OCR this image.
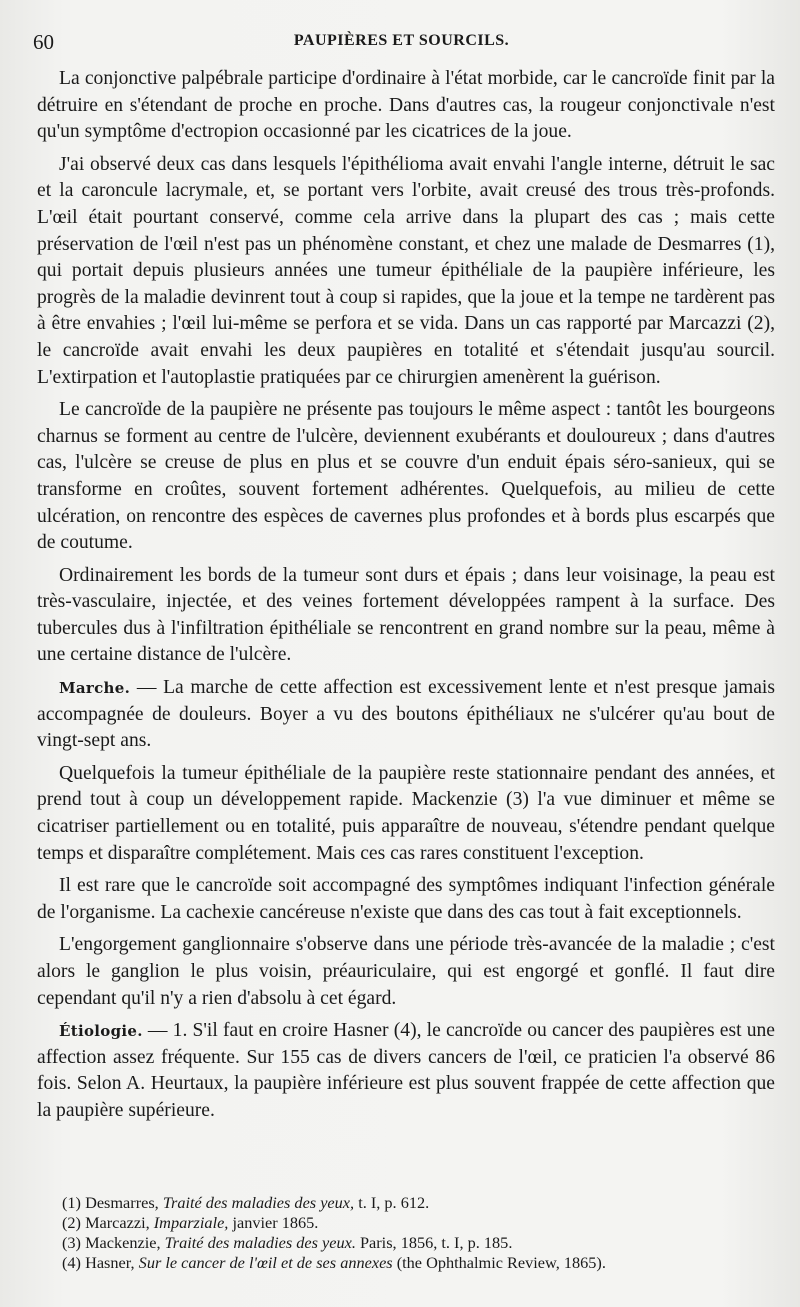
60	PAUPIÈRES ET SOURCILS.

La conjonctive palpébrale participe d'ordinaire à l'état morbide, car le cancroïde finit par la détruire en s'étendant de proche en proche. Dans d'autres cas, la rougeur conjonctivale n'est qu'un symptôme d'ectropion occasionné par les cicatrices de la joue.

J'ai observé deux cas dans lesquels l'épithélioma avait envahi l'angle interne, détruit le sac et la caroncule lacrymale, et, se portant vers l'orbite, avait creusé des trous très-profonds. L'œil était pourtant conservé, comme cela arrive dans la plupart des cas ; mais cette préservation de l'œil n'est pas un phénomène constant, et chez une malade de Desmarres (1), qui portait depuis plusieurs années une tumeur épithéliale de la paupière inférieure, les progrès de la maladie devinrent tout à coup si rapides, que la joue et la tempe ne tardèrent pas à être envahies ; l'œil lui-même se perfora et se vida. Dans un cas rapporté par Marcazzi (2), le cancroïde avait envahi les deux paupières en totalité et s'étendait jusqu'au sourcil. L'extirpation et l'autoplastie pratiquées par ce chirurgien amenèrent la guérison.

Le cancroïde de la paupière ne présente pas toujours le même aspect : tantôt les bourgeons charnus se forment au centre de l'ulcère, deviennent exubérants et douloureux ; dans d'autres cas, l'ulcère se creuse de plus en plus et se couvre d'un enduit épais séro-sanieux, qui se transforme en croûtes, souvent fortement adhérentes. Quelquefois, au milieu de cette ulcération, on rencontre des espèces de cavernes plus profondes et à bords plus escarpés que de coutume.

Ordinairement les bords de la tumeur sont durs et épais ; dans leur voisinage, la peau est très-vasculaire, injectée, et des veines fortement développées rampent à la surface. Des tubercules dus à l'infiltration épithéliale se rencontrent en grand nombre sur la peau, même à une certaine distance de l'ulcère.

Marche. — La marche de cette affection est excessivement lente et n'est presque jamais accompagnée de douleurs. Boyer a vu des boutons épithéliaux ne s'ulcérer qu'au bout de vingt-sept ans.

Quelquefois la tumeur épithéliale de la paupière reste stationnaire pendant des années, et prend tout à coup un développement rapide. Mackenzie (3) l'a vue diminuer et même se cicatriser partiellement ou en totalité, puis apparaître de nouveau, s'étendre pendant quelque temps et disparaître complétement. Mais ces cas rares constituent l'exception.

Il est rare que le cancroïde soit accompagné des symptômes indiquant l'infection générale de l'organisme. La cachexie cancéreuse n'existe que dans des cas tout à fait exceptionnels.

L'engorgement ganglionnaire s'observe dans une période très-avancée de la maladie ; c'est alors le ganglion le plus voisin, préauriculaire, qui est engorgé et gonflé. Il faut dire cependant qu'il n'y a rien d'absolu à cet égard.

Étiologie. — 1. S'il faut en croire Hasner (4), le cancroïde ou cancer des paupières est une affection assez fréquente. Sur 155 cas de divers cancers de l'œil, ce praticien l'a observé 86 fois. Selon A. Heurtaux, la paupière inférieure est plus souvent frappée de cette affection que la paupière supérieure.

(1) Desmarres, Traité des maladies des yeux, t. I, p. 612.

(2) Marcazzi, Imparziale, janvier 1865.

(3) Mackenzie, Traité des maladies des yeux. Paris, 1856, t. I, p. 185.

(4) Hasner, Sur le cancer de l'œil et de ses annexes (the Ophthalmic Review, 1865).
